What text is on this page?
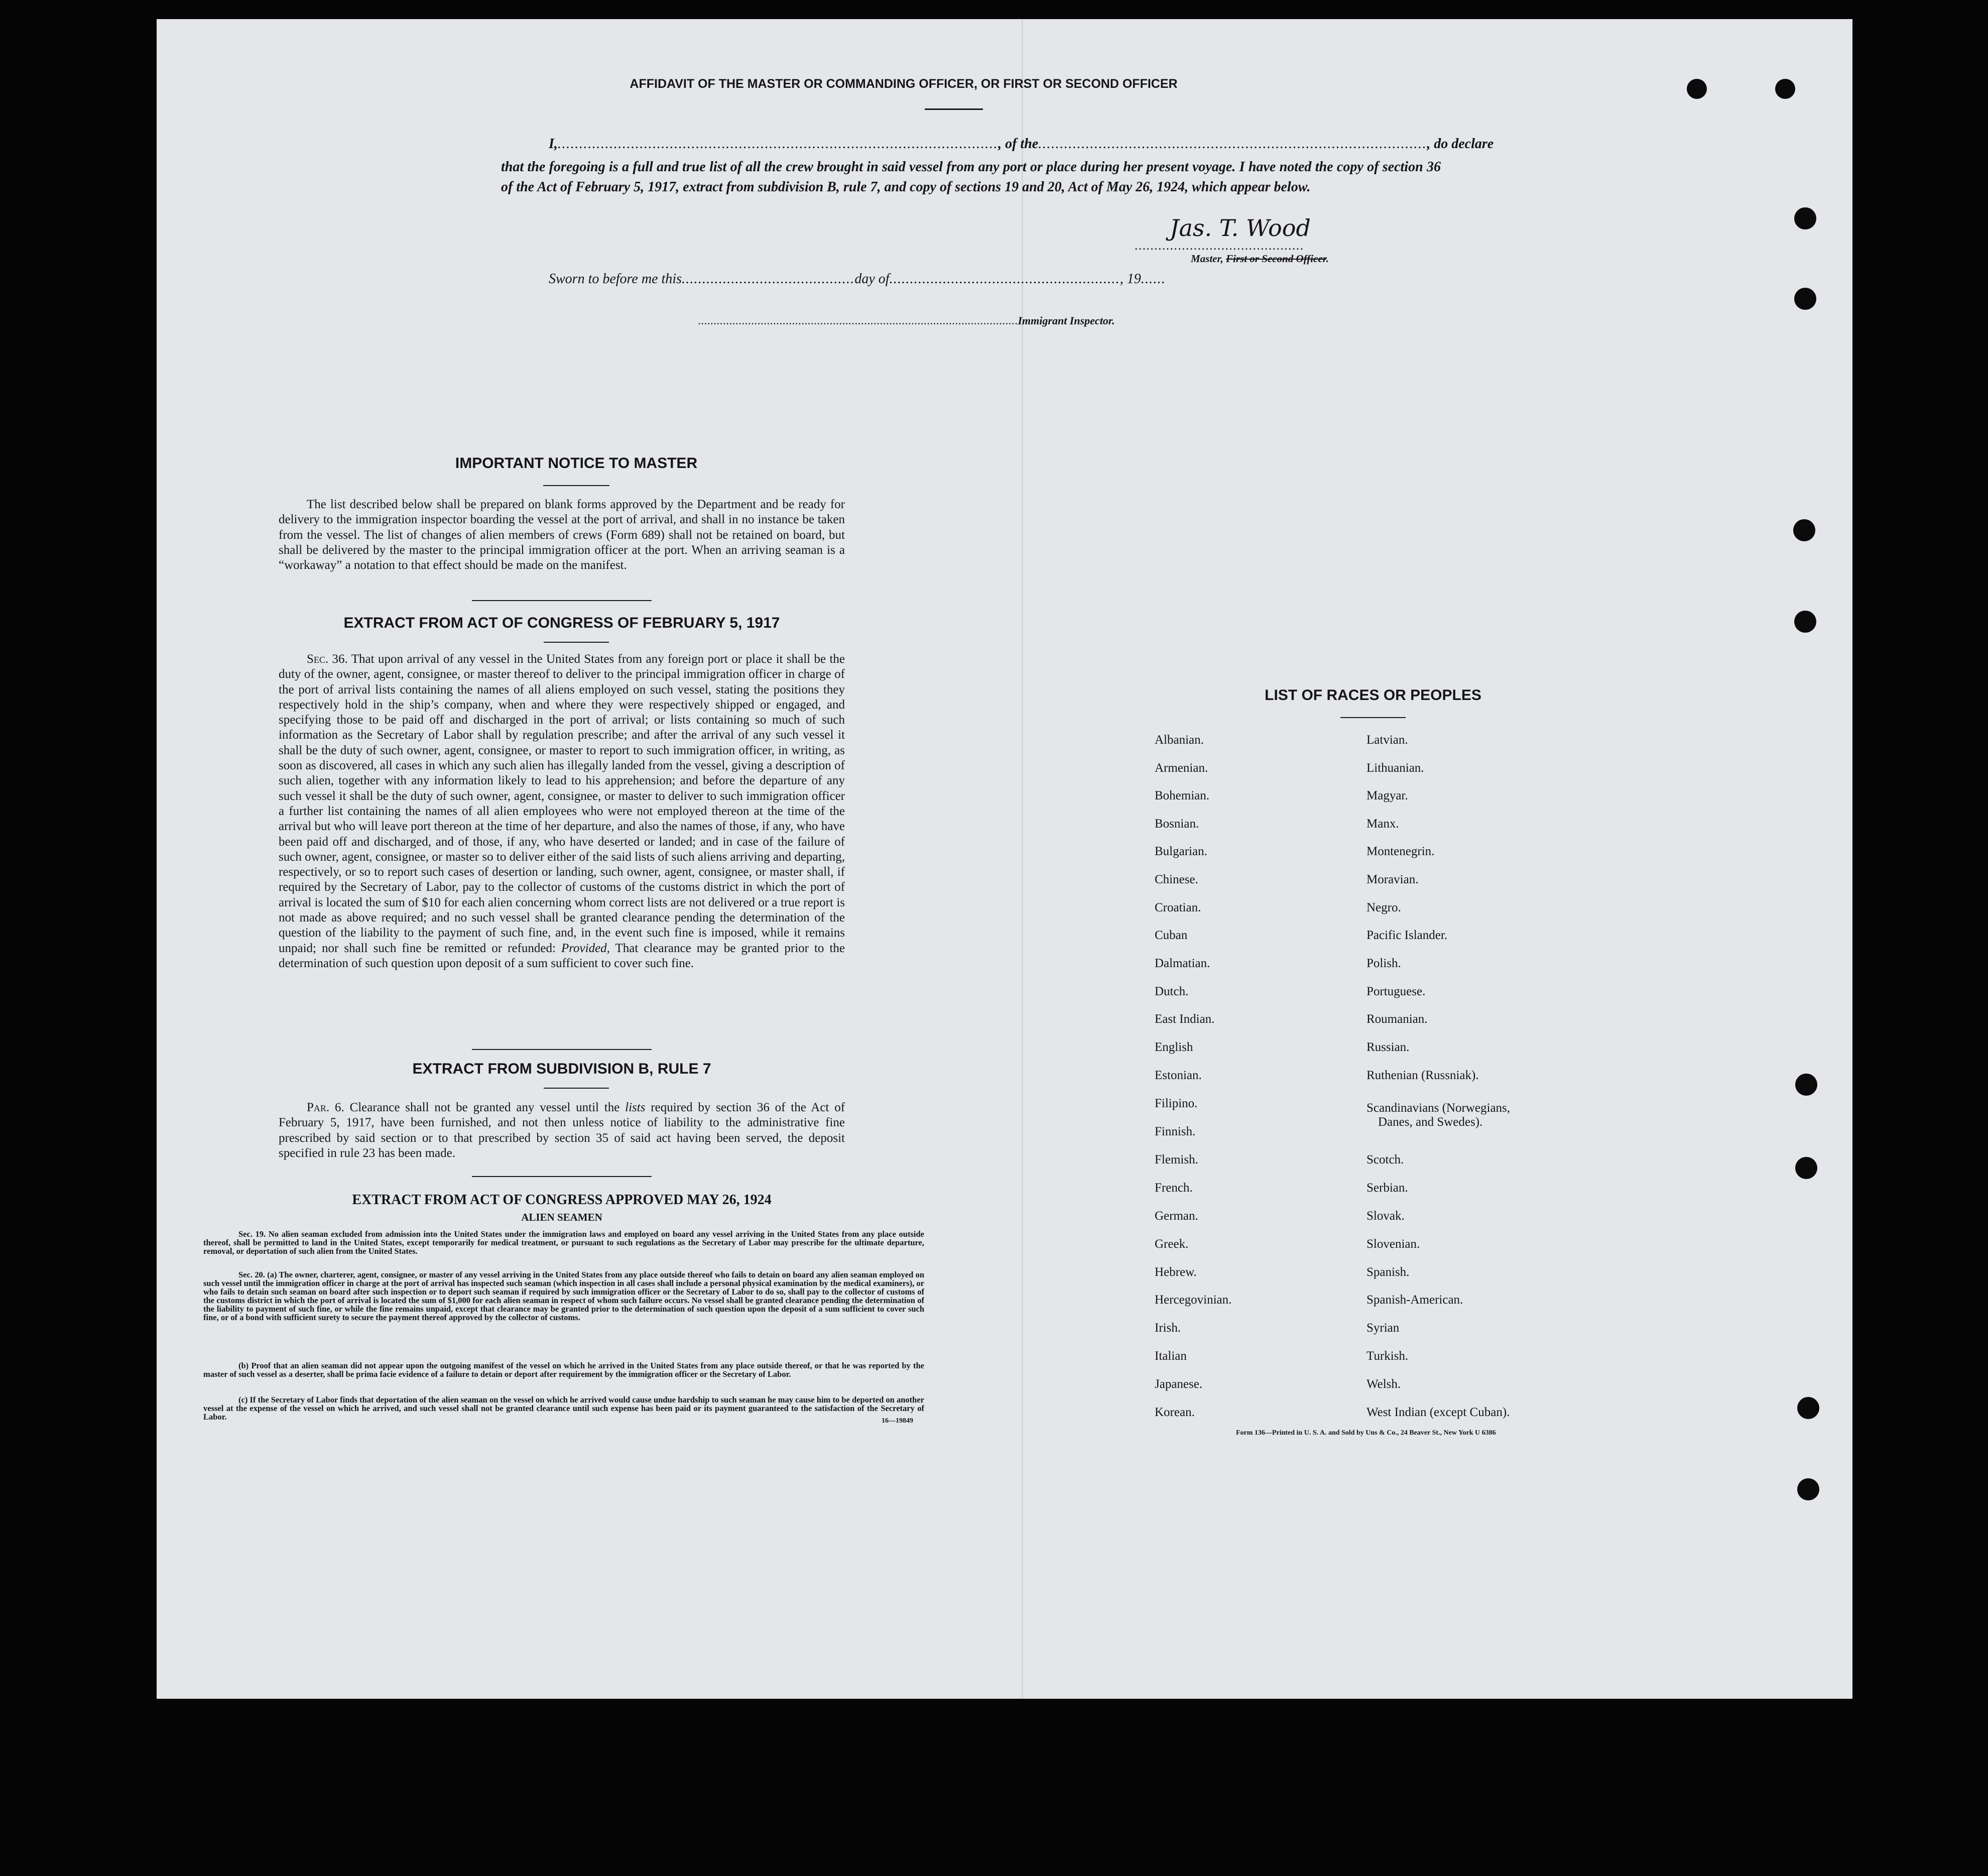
AFFIDAVIT OF THE MASTER OR COMMANDING OFFICER, OR FIRST OR SECOND OFFICER
I,......................................................................................................, of the.........................................................................................., do declare
that the foregoing is a full and true list of all the crew brought in said vessel from any port or place during her present voyage. I have noted the copy of section 36 of the Act of February 5, 1917, extract from subdivision B, rule 7, and copy of sections 19 and 20, Act of May 26, 1924, which appear below.
Jas. T. Wood
...........................................
Master, First or Second Officer.
Sworn to before me this..........................................day of........................................................, 19......
......................................................................................................Immigrant Inspector.
IMPORTANT NOTICE TO MASTER
The list described below shall be prepared on blank forms approved by the Department and be ready for delivery to the immigration inspector boarding the vessel at the port of arrival, and shall in no instance be taken from the vessel. The list of changes of alien members of crews (Form 689) shall not be retained on board, but shall be delivered by the master to the principal immigration officer at the port. When an arriving seaman is a “workaway” a notation to that effect should be made on the manifest.
EXTRACT FROM ACT OF CONGRESS OF FEBRUARY 5, 1917
Sec. 36. That upon arrival of any vessel in the United States from any foreign port or place it shall be the duty of the owner, agent, consignee, or master thereof to deliver to the principal immigration officer in charge of the port of arrival lists containing the names of all aliens employed on such vessel, stating the positions they respectively hold in the ship’s company, when and where they were respectively shipped or engaged, and specifying those to be paid off and discharged in the port of arrival; or lists containing so much of such information as the Secretary of Labor shall by regulation prescribe; and after the arrival of any such vessel it shall be the duty of such owner, agent, consignee, or master to report to such immigration officer, in writing, as soon as discovered, all cases in which any such alien has illegally landed from the vessel, giving a description of such alien, together with any information likely to lead to his apprehension; and before the departure of any such vessel it shall be the duty of such owner, agent, consignee, or master to deliver to such immigration officer a further list containing the names of all alien employees who were not employed thereon at the time of the arrival but who will leave port thereon at the time of her departure, and also the names of those, if any, who have been paid off and discharged, and of those, if any, who have deserted or landed; and in case of the failure of such owner, agent, consignee, or master so to deliver either of the said lists of such aliens arriving and departing, respectively, or so to report such cases of desertion or landing, such owner, agent, consignee, or master shall, if required by the Secretary of Labor, pay to the collector of customs of the customs district in which the port of arrival is located the sum of $10 for each alien concerning whom correct lists are not delivered or a true report is not made as above required; and no such vessel shall be granted clearance pending the determination of the question of the liability to the payment of such fine, and, in the event such fine is imposed, while it remains unpaid; nor shall such fine be remitted or refunded: Provided, That clearance may be granted prior to the determination of such question upon deposit of a sum sufficient to cover such fine.
EXTRACT FROM SUBDIVISION B, RULE 7
Par. 6. Clearance shall not be granted any vessel until the lists required by section 36 of the Act of February 5, 1917, have been furnished, and not then unless notice of liability to the administrative fine prescribed by said section or to that prescribed by section 35 of said act having been served, the deposit specified in rule 23 has been made.
EXTRACT FROM ACT OF CONGRESS APPROVED MAY 26, 1924
ALIEN SEAMEN
Sec. 19. No alien seaman excluded from admission into the United States under the immigration laws and employed on board any vessel arriving in the United States from any place outside thereof, shall be permitted to land in the United States, except temporarily for medical treatment, or pursuant to such regulations as the Secretary of Labor may prescribe for the ultimate departure, removal, or deportation of such alien from the United States.
Sec. 20. (a) The owner, charterer, agent, consignee, or master of any vessel arriving in the United States from any place outside thereof who fails to detain on board any alien seaman employed on such vessel until the immigration officer in charge at the port of arrival has inspected such seaman (which inspection in all cases shall include a personal physical examination by the medical examiners), or who fails to detain such seaman on board after such inspection or to deport such seaman if required by such immigration officer or the Secretary of Labor to do so, shall pay to the collector of customs of the customs district in which the port of arrival is located the sum of $1,000 for each alien seaman in respect of whom such failure occurs. No vessel shall be granted clearance pending the determination of the liability to payment of such fine, or while the fine remains unpaid, except that clearance may be granted prior to the determination of such question upon the deposit of a sum sufficient to cover such fine, or of a bond with sufficient surety to secure the payment thereof approved by the collector of customs.
(b) Proof that an alien seaman did not appear upon the outgoing manifest of the vessel on which he arrived in the United States from any place outside thereof, or that he was reported by the master of such vessel as a deserter, shall be prima facie evidence of a failure to detain or deport after requirement by the immigration officer or the Secretary of Labor.
(c) If the Secretary of Labor finds that deportation of the alien seaman on the vessel on which he arrived would cause undue hardship to such seaman he may cause him to be deported on another vessel at the expense of the vessel on which he arrived, and such vessel shall not be granted clearance until such expense has been paid or its payment guaranteed to the satisfaction of the Secretary of Labor.	16—19849
LIST OF RACES OR PEOPLES
Albanian.
Armenian.
Bohemian.
Bosnian.
Bulgarian.
Chinese.
Croatian.
Cuban
Dalmatian.
Dutch.
East Indian.
English
Estonian.
Filipino.
Finnish.
Flemish.
French.
German.
Greek.
Hebrew.
Hercegovinian.
Irish.
Italian
Japanese.
Korean.
Latvian.
Lithuanian.
Magyar.
Manx.
Montenegrin.
Moravian.
Negro.
Pacific Islander.
Polish.
Portuguese.
Roumanian.
Russian.
Ruthenian (Russniak).
Scandinavians (Norwegians,
Danes, and Swedes).
Scotch.
Serbian.
Slovak.
Slovenian.
Spanish.
Spanish-American.
Syrian
Turkish.
Welsh.
West Indian (except Cuban).
Form 136—Printed in U. S. A. and Sold by Uns & Co., 24 Beaver St., New York U 6386
